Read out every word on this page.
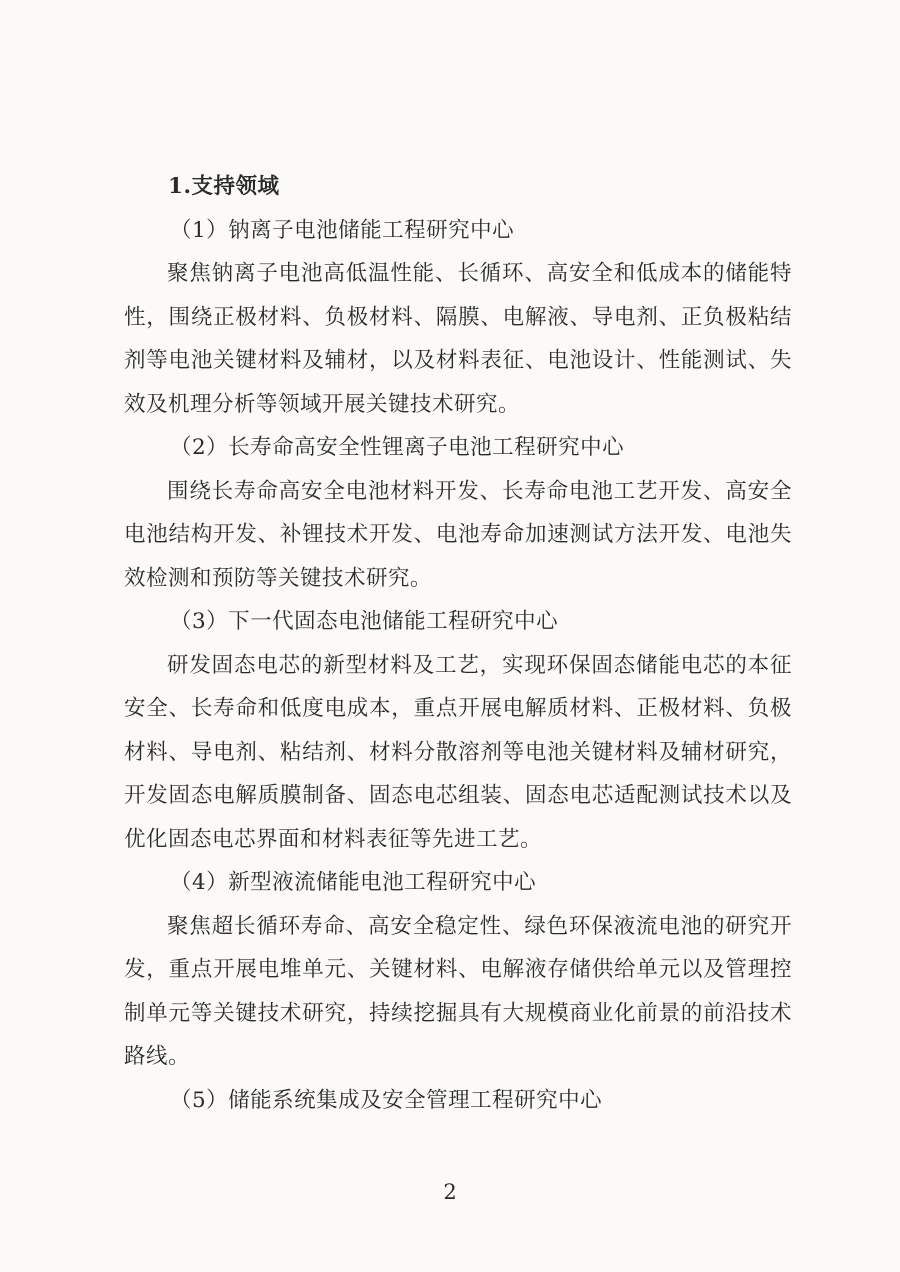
1.支持领域

（1）钠离子电池储能工程研究中心

聚焦钠离子电池高低温性能、长循环、高安全和低成本的储能特性，围绕正极材料、负极材料、隔膜、电解液、导电剂、正负极粘结剂等电池关键材料及辅材，以及材料表征、电池设计、性能测试、失效及机理分析等领域开展关键技术研究。

（2）长寿命高安全性锂离子电池工程研究中心

围绕长寿命高安全电池材料开发、长寿命电池工艺开发、高安全电池结构开发、补锂技术开发、电池寿命加速测试方法开发、电池失效检测和预防等关键技术研究。

（3）下一代固态电池储能工程研究中心

研发固态电芯的新型材料及工艺，实现环保固态储能电芯的本征安全、长寿命和低度电成本，重点开展电解质材料、正极材料、负极材料、导电剂、粘结剂、材料分散溶剂等电池关键材料及辅材研究，开发固态电解质膜制备、固态电芯组装、固态电芯适配测试技术以及优化固态电芯界面和材料表征等先进工艺。

（4）新型液流储能电池工程研究中心

聚焦超长循环寿命、高安全稳定性、绿色环保液流电池的研究开发，重点开展电堆单元、关键材料、电解液存储供给单元以及管理控制单元等关键技术研究，持续挖掘具有大规模商业化前景的前沿技术路线。

（5）储能系统集成及安全管理工程研究中心

2
